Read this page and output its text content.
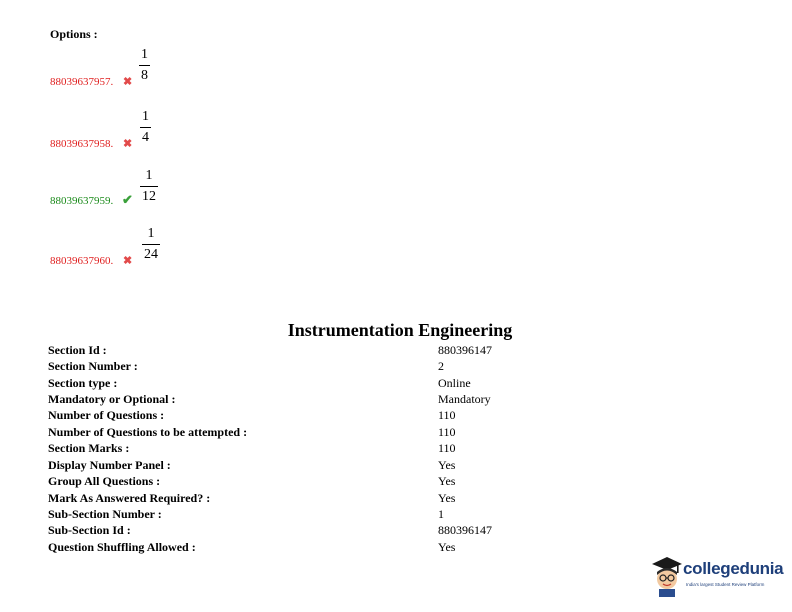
Options :
88039637957. ✖
1
8
88039637958. ✖
1
4
88039637959. ✔
1
12
88039637960. ✖
1
24
Instrumentation Engineering
Section Id :	880396147
Section Number :	2
Section type :	Online
Mandatory or Optional :	Mandatory
Number of Questions :	110
Number of Questions to be attempted :	110
Section Marks :	110
Display Number Panel :	Yes
Group All Questions :	Yes
Mark As Answered Required? :	Yes
Sub-Section Number :	1
Sub-Section Id :	880396147
Question Shuffling Allowed :	Yes
collegedunia
India's largest Student Review Platform
